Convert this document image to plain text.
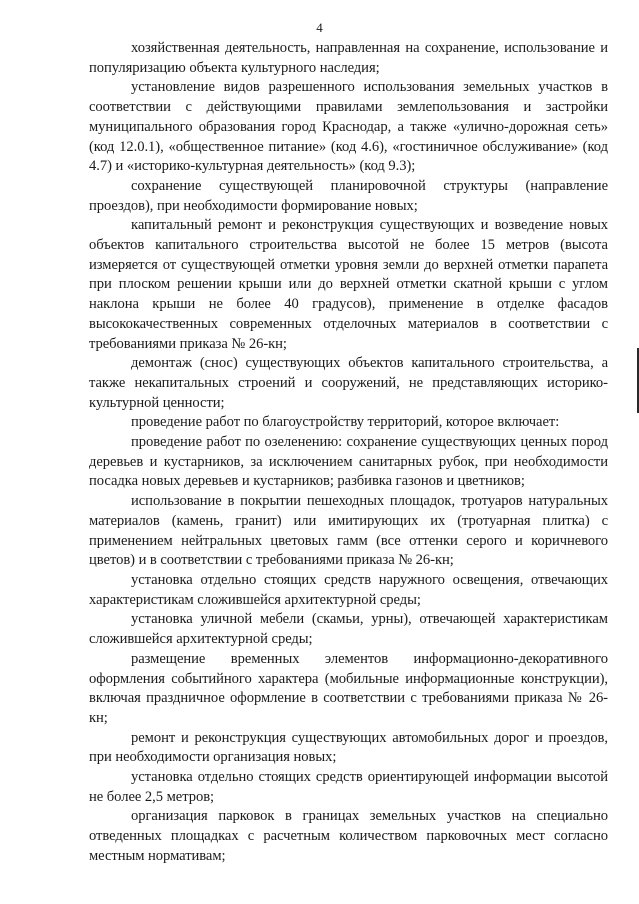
4

хозяйственная деятельность, направленная на сохранение, использование и популяризацию объекта культурного наследия;

установление видов разрешенного использования земельных участков в соответствии с действующими правилами землепользования и застройки муниципального образования город Краснодар, а также «улично-дорожная сеть» (код 12.0.1), «общественное питание» (код 4.6), «гостиничное обслуживание» (код 4.7) и «историко-культурная деятельность» (код 9.3);

сохранение существующей планировочной структуры (направление проездов), при необходимости формирование новых;

капитальный ремонт и реконструкция существующих и возведение новых объектов капитального строительства высотой не более 15 метров (высота измеряется от существующей отметки уровня земли до верхней отметки парапета при плоском решении крыши или до верхней отметки скатной крыши с углом наклона крыши не более 40 градусов), применение в отделке фасадов высококачественных современных отделочных материалов в соответствии с требованиями приказа № 26-кн;

демонтаж (снос) существующих объектов капитального строительства, а также некапитальных строений и сооружений, не представляющих историко-культурной ценности;

проведение работ по благоустройству территорий, которое включает:

проведение работ по озеленению: сохранение существующих ценных пород деревьев и кустарников, за исключением санитарных рубок, при необходимости посадка новых деревьев и кустарников; разбивка газонов и цветников;

использование в покрытии пешеходных площадок, тротуаров натуральных материалов (камень, гранит) или имитирующих их (тротуарная плитка) с применением нейтральных цветовых гамм (все оттенки серого и коричневого цветов) и в соответствии с требованиями приказа № 26-кн;

установка отдельно стоящих средств наружного освещения, отвечающих характеристикам сложившейся архитектурной среды;

установка уличной мебели (скамьи, урны), отвечающей характеристикам сложившейся архитектурной среды;

размещение временных элементов информационно-декоративного оформления событийного характера (мобильные информационные конструкции), включая праздничное оформление в соответствии с требованиями приказа № 26-кн;

ремонт и реконструкция существующих автомобильных дорог и проездов, при необходимости организация новых;

установка отдельно стоящих средств ориентирующей информации высотой не более 2,5 метров;

организация парковок в границах земельных участков на специально отведенных площадках с расчетным количеством парковочных мест согласно местным нормативам;
